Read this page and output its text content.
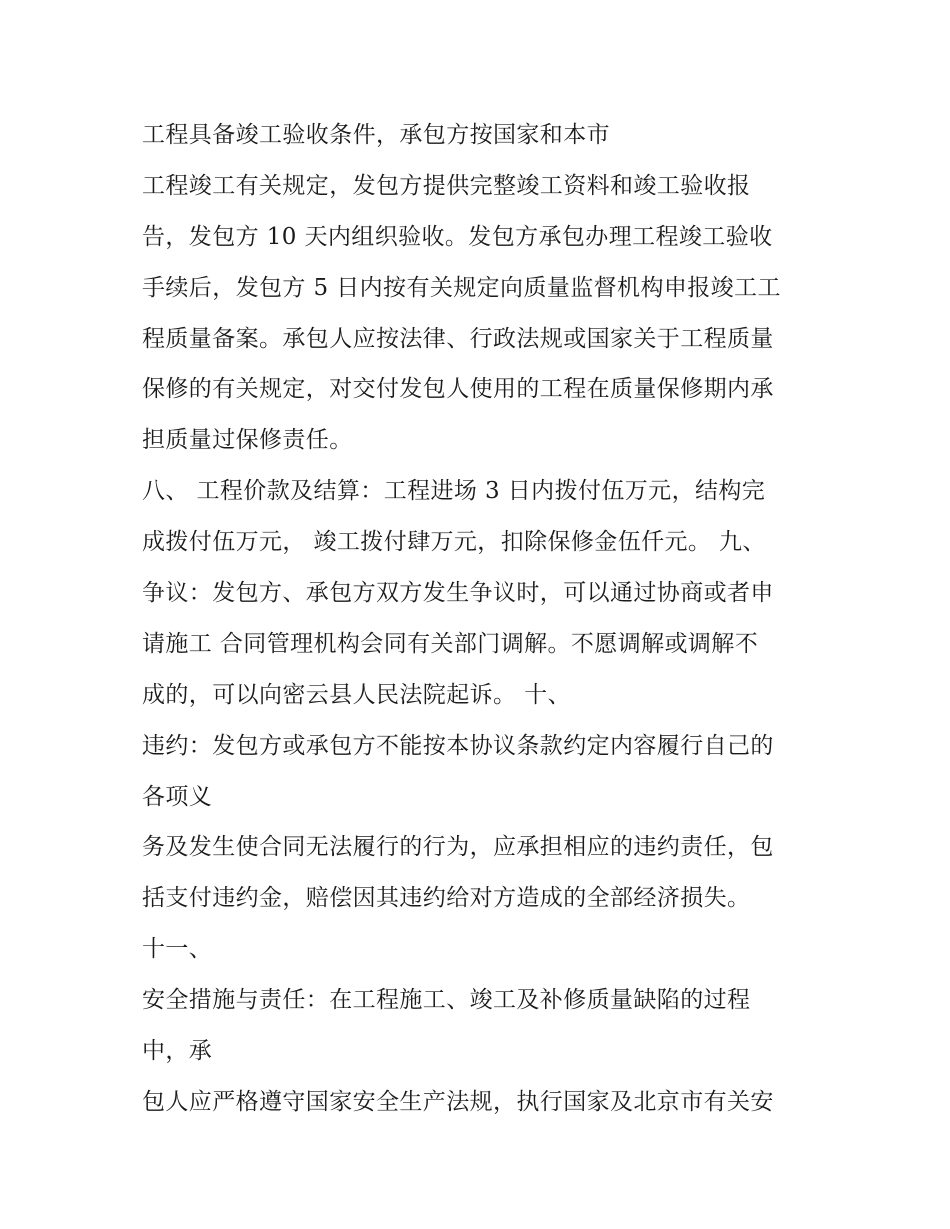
工程具备竣工验收条件，承包方按国家和本市
工程竣工有关规定，发包方提供完整竣工资料和竣工验收报
告，发包方 10 天内组织验收。发包方承包办理工程竣工验收
手续后，发包方 5 日内按有关规定向质量监督机构申报竣工工
程质量备案。承包人应按法律、行政法规或国家关于工程质量
保修的有关规定，对交付发包人使用的工程在质量保修期内承
担质量过保修责任。
八、 工程价款及结算：工程进场 3 日内拨付伍万元，结构完
成拨付伍万元， 竣工拨付肆万元，扣除保修金伍仟元。 九、
争议：发包方、承包方双方发生争议时，可以通过协商或者申
请施工 合同管理机构会同有关部门调解。不愿调解或调解不
成的，可以向密云县人民法院起诉。 十、
违约：发包方或承包方不能按本协议条款约定内容履行自己的
各项义
务及发生使合同无法履行的行为，应承担相应的违约责任，包
括支付违约金，赔偿因其违约给对方造成的全部经济损失。
十一、
安全措施与责任：在工程施工、竣工及补修质量缺陷的过程
中，承
包人应严格遵守国家安全生产法规，执行国家及北京市有关安
